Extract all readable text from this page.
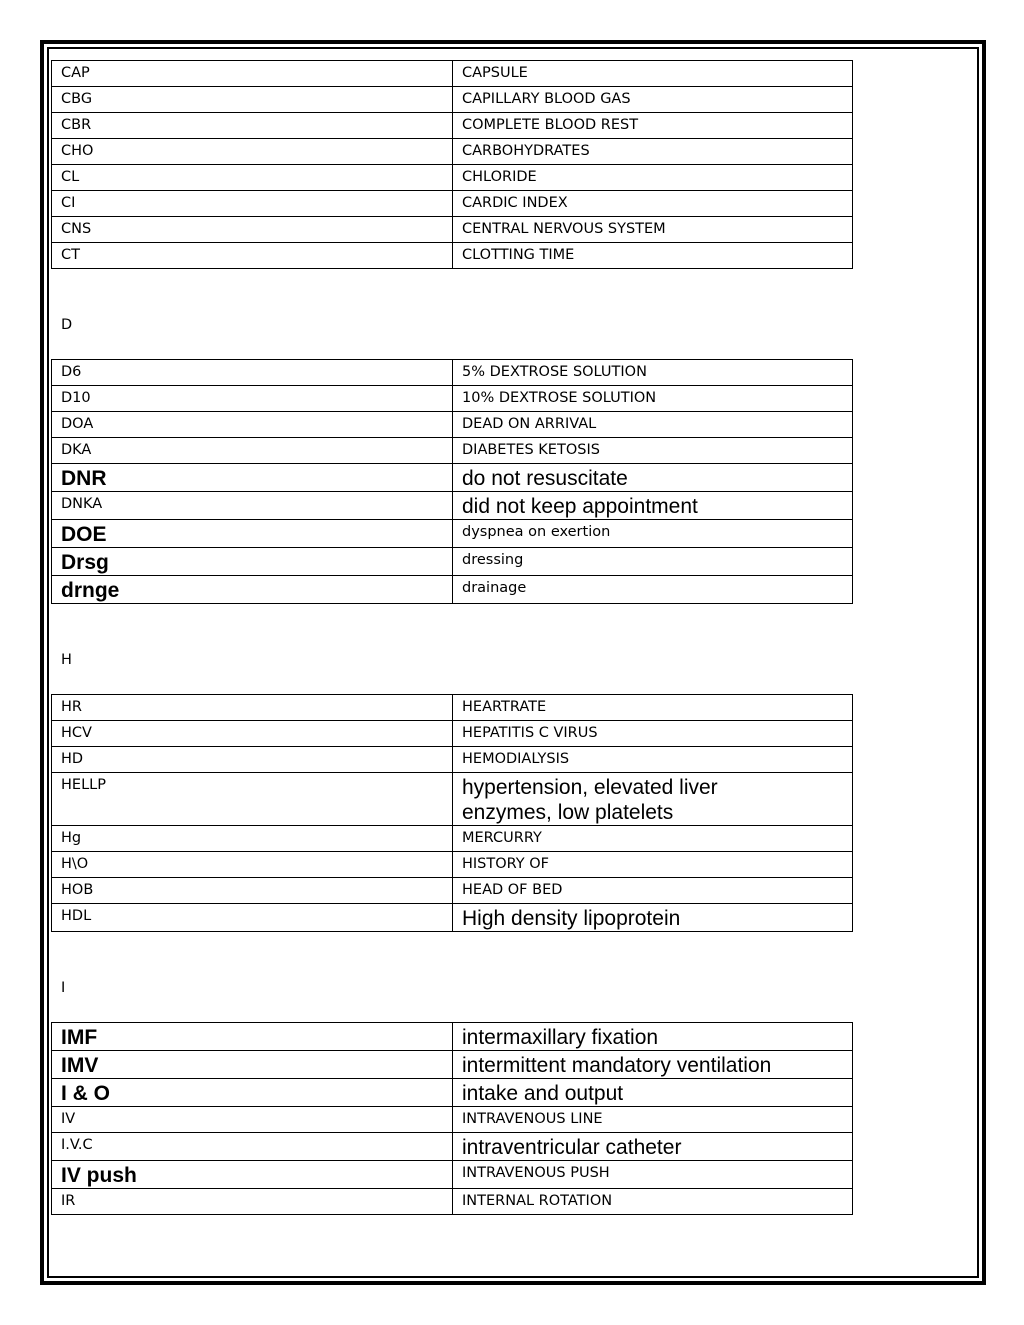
CAP	CAPSULE
CBG	CAPILLARY BLOOD GAS
CBR	COMPLETE BLOOD REST
CHO	CARBOHYDRATES
CL	CHLORIDE
CI	CARDIC INDEX
CNS	CENTRAL NERVOUS SYSTEM
CT	CLOTTING TIME
D
D6	5% DEXTROSE SOLUTION
D10	10% DEXTROSE SOLUTION
DOA	DEAD ON ARRIVAL
DKA	DIABETES KETOSIS
DNR	do not resuscitate
DNKA	did not keep appointment
DOE	dyspnea on exertion
Drsg	dressing
drnge	drainage
H
HR	HEARTRATE
HCV	HEPATITIS C VIRUS
HD	HEMODIALYSIS
HELLP	hypertension, elevated liver enzymes, low platelets
Hg	MERCURRY
H\O	HISTORY OF
HOB	HEAD OF BED
HDL	High density lipoprotein
I
IMF	intermaxillary fixation
IMV	intermittent mandatory ventilation
I & O	intake and output
IV	INTRAVENOUS LINE
I.V.C	intraventricular catheter
IV push	INTRAVENOUS PUSH
IR	INTERNAL ROTATION
